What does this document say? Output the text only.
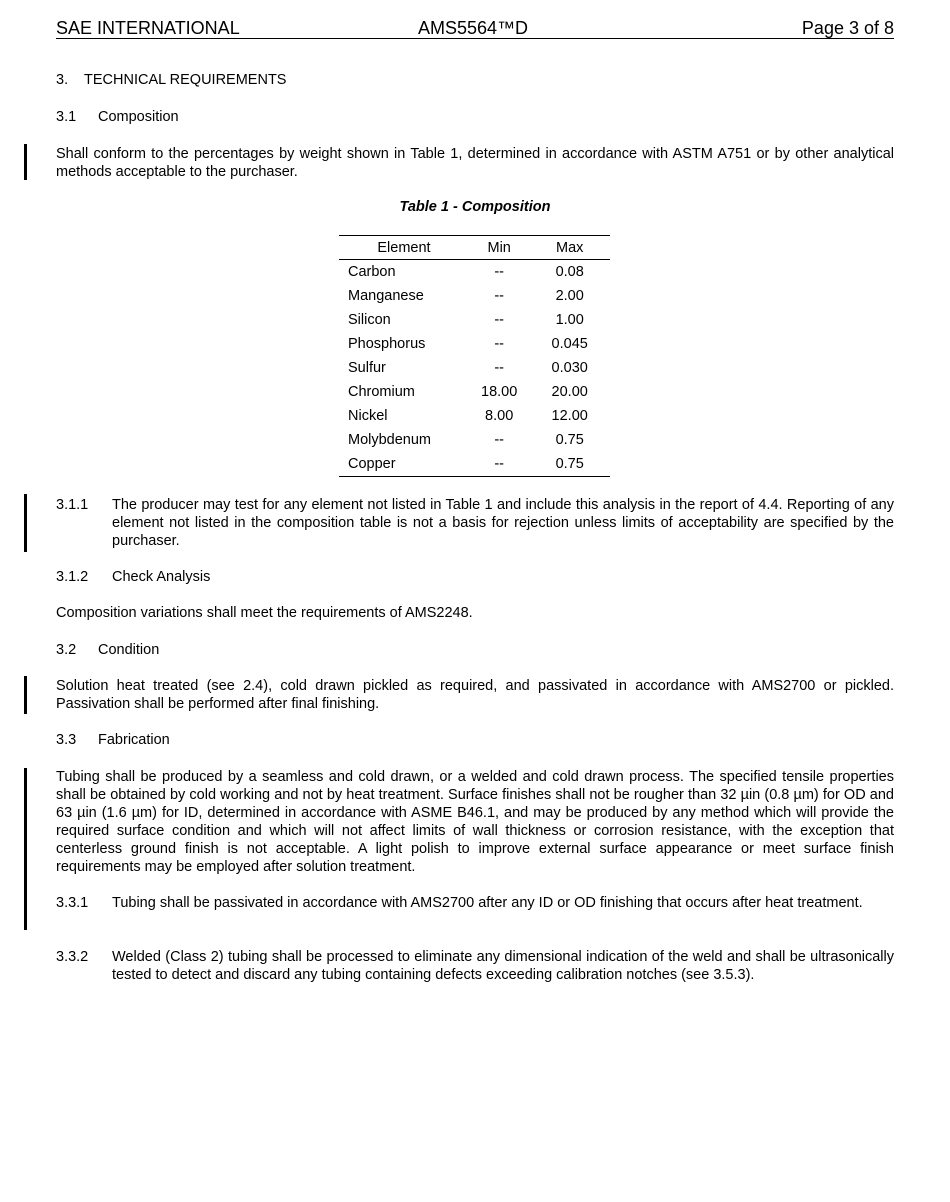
SAE INTERNATIONAL	AMS5564™D	Page 3 of 8
3. TECHNICAL REQUIREMENTS
3.1 Composition
Shall conform to the percentages by weight shown in Table 1, determined in accordance with ASTM A751 or by other analytical methods acceptable to the purchaser.
Table 1 - Composition
Element	Min	Max
Carbon	--	0.08
Manganese	--	2.00
Silicon	--	1.00
Phosphorus	--	0.045
Sulfur	--	0.030
Chromium	18.00	20.00
Nickel	8.00	12.00
Molybdenum	--	0.75
Copper	--	0.75
3.1.1 The producer may test for any element not listed in Table 1 and include this analysis in the report of 4.4. Reporting of any element not listed in the composition table is not a basis for rejection unless limits of acceptability are specified by the purchaser.
3.1.2 Check Analysis
Composition variations shall meet the requirements of AMS2248.
3.2 Condition
Solution heat treated (see 2.4), cold drawn pickled as required, and passivated in accordance with AMS2700 or pickled. Passivation shall be performed after final finishing.
3.3 Fabrication
Tubing shall be produced by a seamless and cold drawn, or a welded and cold drawn process. The specified tensile properties shall be obtained by cold working and not by heat treatment. Surface finishes shall not be rougher than 32 µin (0.8 µm) for OD and 63 µin (1.6 µm) for ID, determined in accordance with ASME B46.1, and may be produced by any method which will provide the required surface condition and which will not affect limits of wall thickness or corrosion resistance, with the exception that centerless ground finish is not acceptable. A light polish to improve external surface appearance or meet surface finish requirements may be employed after solution treatment.
3.3.1 Tubing shall be passivated in accordance with AMS2700 after any ID or OD finishing that occurs after heat treatment.
3.3.2 Welded (Class 2) tubing shall be processed to eliminate any dimensional indication of the weld and shall be ultrasonically tested to detect and discard any tubing containing defects exceeding calibration notches (see 3.5.3).
